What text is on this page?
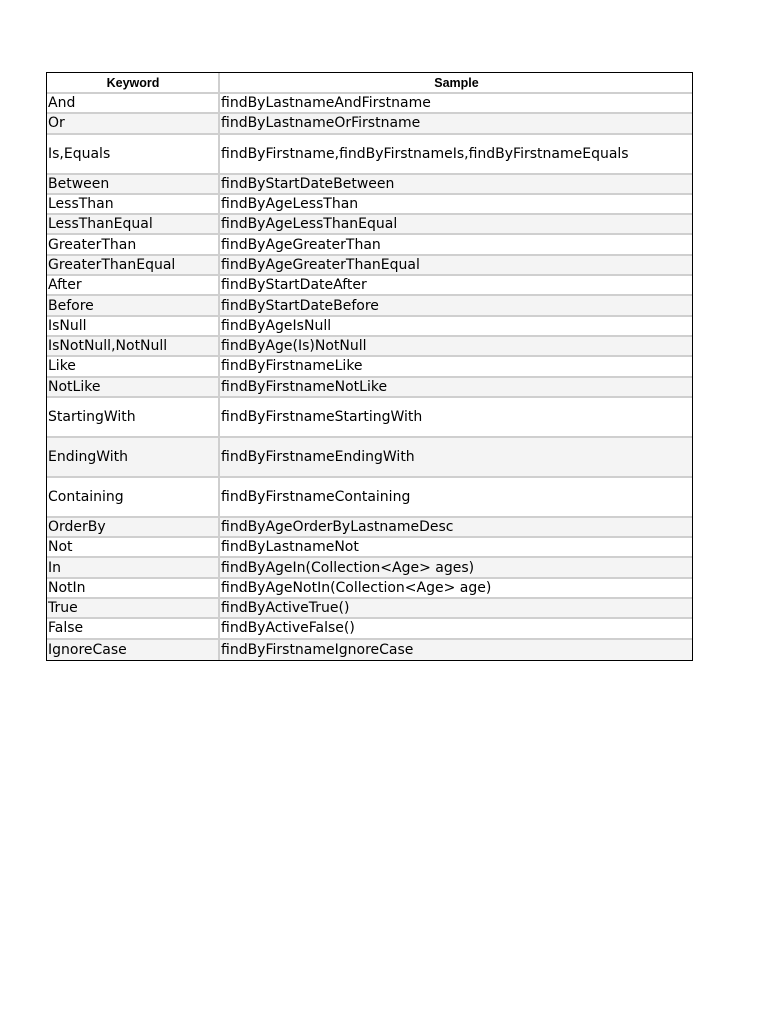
Keyword	Sample
And	findByLastnameAndFirstname
Or	findByLastnameOrFirstname
Is,Equals	findByFirstname,findByFirstnameIs,findByFirstnameEquals
Between	findByStartDateBetween
LessThan	findByAgeLessThan
LessThanEqual	findByAgeLessThanEqual
GreaterThan	findByAgeGreaterThan
GreaterThanEqual	findByAgeGreaterThanEqual
After	findByStartDateAfter
Before	findByStartDateBefore
IsNull	findByAgeIsNull
IsNotNull,NotNull	findByAge(Is)NotNull
Like	findByFirstnameLike
NotLike	findByFirstnameNotLike
StartingWith	findByFirstnameStartingWith
EndingWith	findByFirstnameEndingWith
Containing	findByFirstnameContaining
OrderBy	findByAgeOrderByLastnameDesc
Not	findByLastnameNot
In	findByAgeIn(Collection<Age> ages)
NotIn	findByAgeNotIn(Collection<Age> age)
True	findByActiveTrue()
False	findByActiveFalse()
IgnoreCase	findByFirstnameIgnoreCase
